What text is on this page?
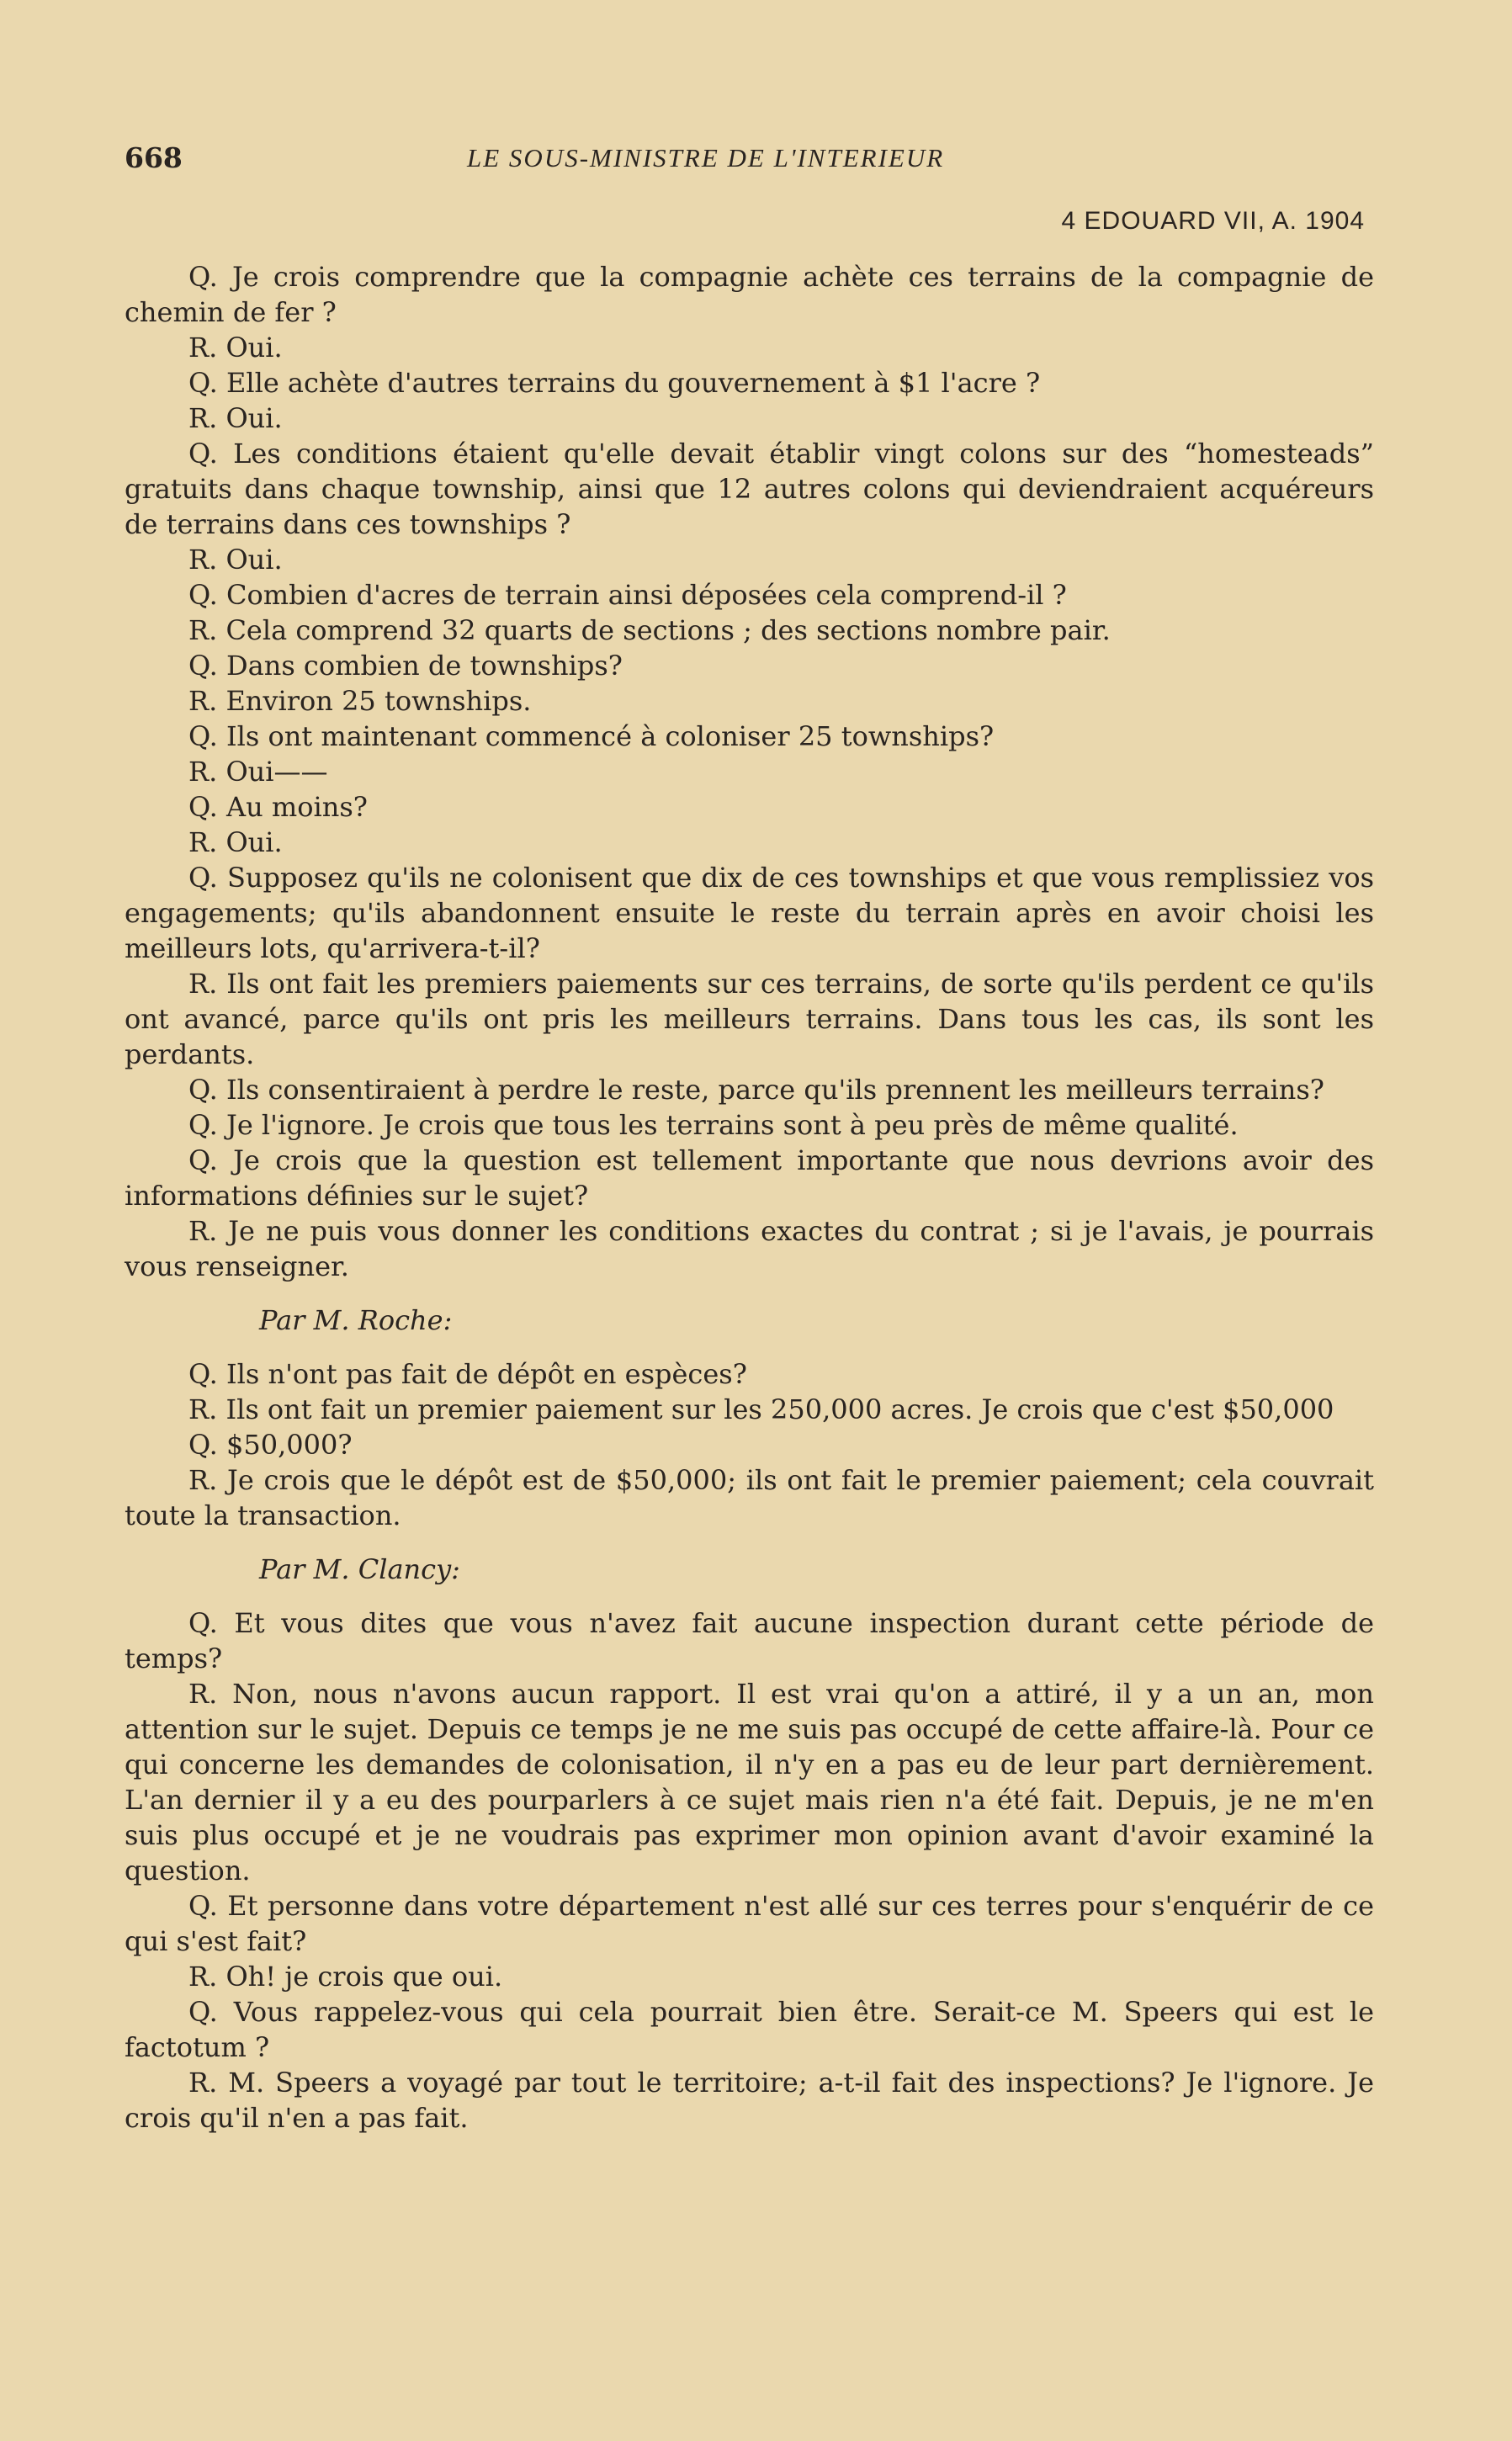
668	LE SOUS-MINISTRE DE L'INTERIEUR
4 EDOUARD VII, A. 1904

Q. Je crois comprendre que la compagnie achète ces terrains de la compagnie de chemin de fer ?

R. Oui.

Q. Elle achète d'autres terrains du gouvernement à $1 l'acre ?

R. Oui.

Q. Les conditions étaient qu'elle devait établir vingt colons sur des “homesteads” gratuits dans chaque township, ainsi que 12 autres colons qui deviendraient acquéreurs de terrains dans ces townships ?

R. Oui.

Q. Combien d'acres de terrain ainsi déposées cela comprend-il ?

R. Cela comprend 32 quarts de sections ; des sections nombre pair.

Q. Dans combien de townships?

R. Environ 25 townships.

Q. Ils ont maintenant commencé à coloniser 25 townships?

R. Oui——

Q. Au moins?

R. Oui.

Q. Supposez qu'ils ne colonisent que dix de ces townships et que vous remplissiez vos engagements; qu'ils abandonnent ensuite le reste du terrain après en avoir choisi les meilleurs lots, qu'arrivera-t-il?

R. Ils ont fait les premiers paiements sur ces terrains, de sorte qu'ils perdent ce qu'ils ont avancé, parce qu'ils ont pris les meilleurs terrains. Dans tous les cas, ils sont les perdants.

Q. Ils consentiraient à perdre le reste, parce qu'ils prennent les meilleurs terrains?

Q. Je l'ignore. Je crois que tous les terrains sont à peu près de même qualité.

Q. Je crois que la question est tellement importante que nous devrions avoir des informations définies sur le sujet?

R. Je ne puis vous donner les conditions exactes du contrat ; si je l'avais, je pourrais vous renseigner.

Par M. Roche:

Q. Ils n'ont pas fait de dépôt en espèces?

R. Ils ont fait un premier paiement sur les 250,000 acres. Je crois que c'est $50,000

Q. $50,000?

R. Je crois que le dépôt est de $50,000; ils ont fait le premier paiement; cela couvrait toute la transaction.

Par M. Clancy:

Q. Et vous dites que vous n'avez fait aucune inspection durant cette période de temps?

R. Non, nous n'avons aucun rapport. Il est vrai qu'on a attiré, il y a un an, mon attention sur le sujet. Depuis ce temps je ne me suis pas occupé de cette affaire-là. Pour ce qui concerne les demandes de colonisation, il n'y en a pas eu de leur part dernièrement. L'an dernier il y a eu des pourparlers à ce sujet mais rien n'a été fait. Depuis, je ne m'en suis plus occupé et je ne voudrais pas exprimer mon opinion avant d'avoir examiné la question.

Q. Et personne dans votre département n'est allé sur ces terres pour s'enquérir de ce qui s'est fait?

R. Oh! je crois que oui.

Q. Vous rappelez-vous qui cela pourrait bien être. Serait-ce M. Speers qui est le factotum ?

R. M. Speers a voyagé par tout le territoire; a-t-il fait des inspections? Je l'ignore. Je crois qu'il n'en a pas fait.
